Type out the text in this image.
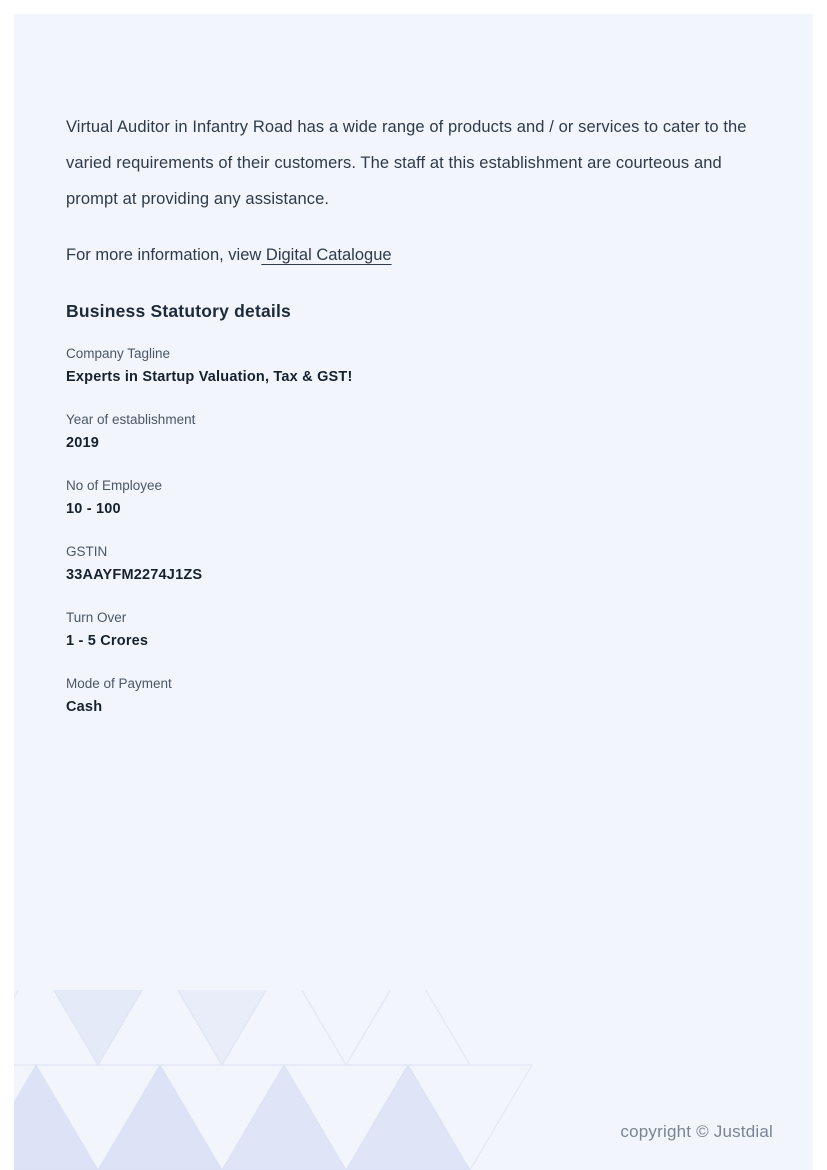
Virtual Auditor in Infantry Road has a wide range of products and / or services to cater to the varied requirements of their customers. The staff at this establishment are courteous and prompt at providing any assistance.

For more information, view Digital Catalogue

Business Statutory details
Company Tagline
Experts in Startup Valuation, Tax & GST!
Year of establishment
2019
No of Employee
10 - 100
GSTIN
33AAYFM2274J1ZS
Turn Over
1 - 5 Crores
Mode of Payment
Cash
copyright © Justdial
